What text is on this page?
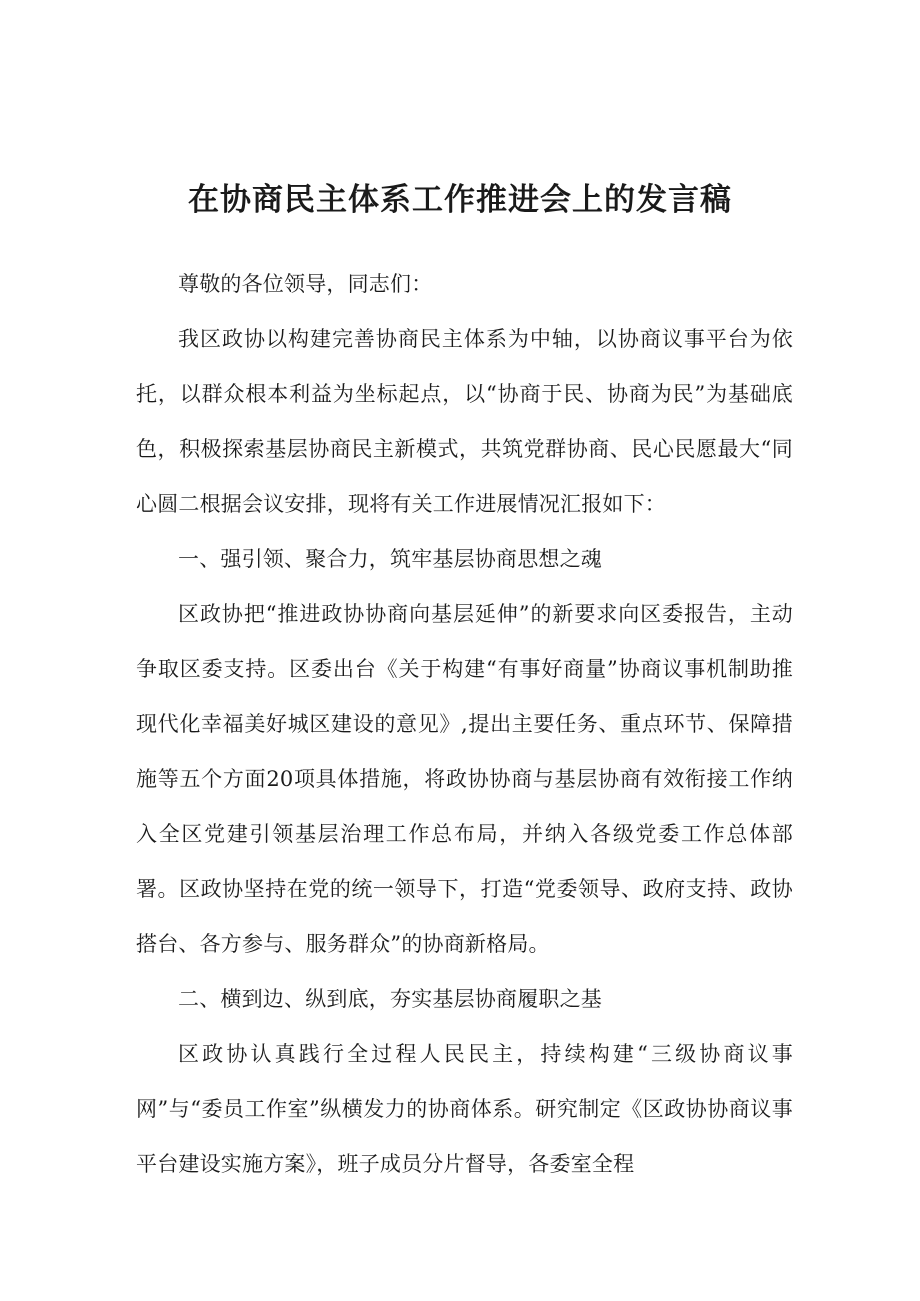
在协商民主体系工作推进会上的发言稿

尊敬的各位领导，同志们：

我区政协以构建完善协商民主体系为中轴，以协商议事平台为依托，以群众根本利益为坐标起点，以“协商于民、协商为民”为基础底色，积极探索基层协商民主新模式，共筑党群协商、民心民愿最大“同心圆二根据会议安排，现将有关工作进展情况汇报如下：

一、强引领、聚合力，筑牢基层协商思想之魂

区政协把“推进政协协商向基层延伸”的新要求向区委报告，主动争取区委支持。区委出台《关于构建“有事好商量”协商议事机制助推现代化幸福美好城区建设的意见》,提出主要任务、重点环节、保障措施等五个方面20项具体措施，将政协协商与基层协商有效衔接工作纳入全区党建引领基层治理工作总布局，并纳入各级党委工作总体部署。区政协坚持在党的统一领导下，打造“党委领导、政府支持、政协搭台、各方参与、服务群众”的协商新格局。

二、横到边、纵到底，夯实基层协商履职之基

区政协认真践行全过程人民民主，持续构建“三级协商议事网”与“委员工作室”纵横发力的协商体系。研究制定《区政协协商议事平台建设实施方案》，班子成员分片督导，各委室全程
